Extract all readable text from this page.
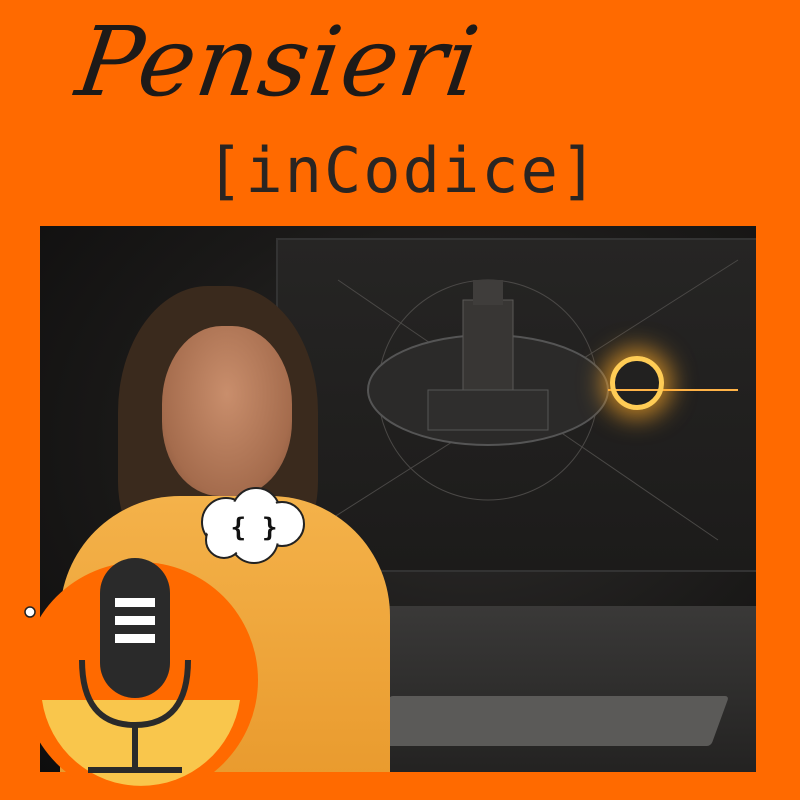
Pensieri
[inCodice]
{ }
